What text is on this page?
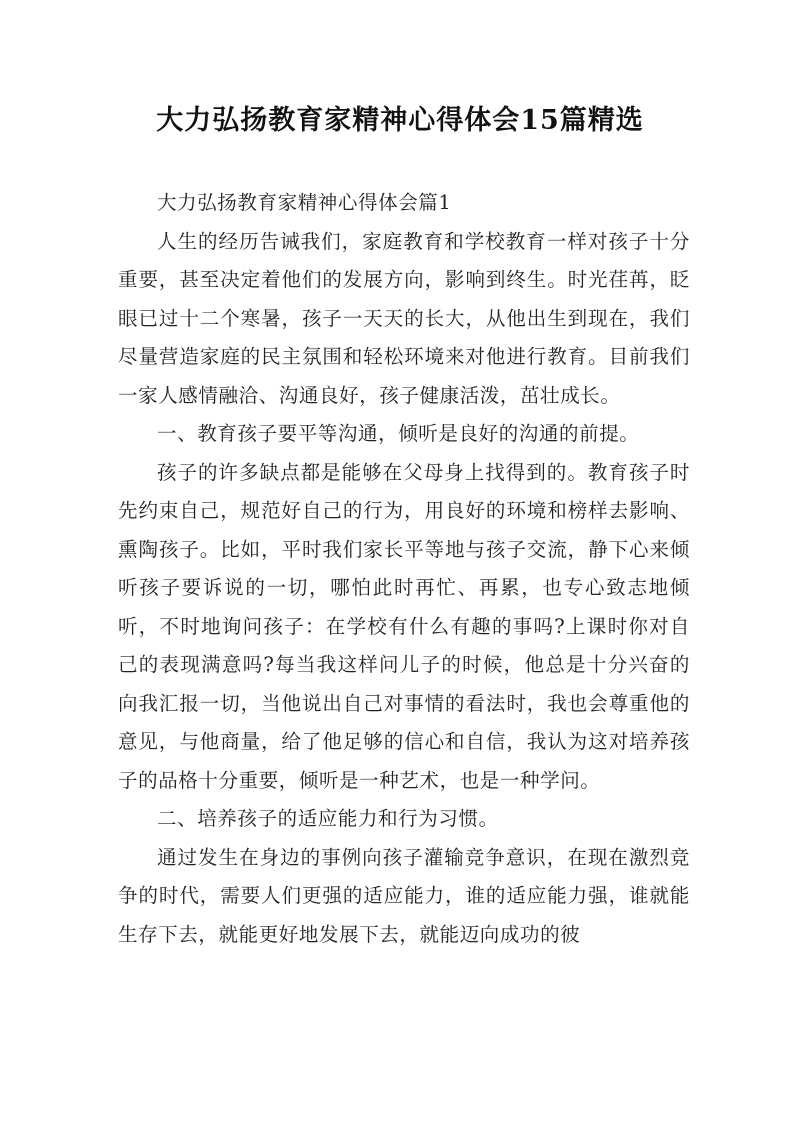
大力弘扬教育家精神心得体会15篇精选

大力弘扬教育家精神心得体会篇1

人生的经历告诫我们，家庭教育和学校教育一样对孩子十分重要，甚至决定着他们的发展方向，影响到终生。时光荏苒，眨眼已过十二个寒暑，孩子一天天的长大，从他出生到现在，我们尽量营造家庭的民主氛围和轻松环境来对他进行教育。目前我们一家人感情融洽、沟通良好，孩子健康活泼，茁壮成长。

一、教育孩子要平等沟通，倾听是良好的沟通的前提。

孩子的许多缺点都是能够在父母身上找得到的。教育孩子时先约束自己，规范好自己的行为，用良好的环境和榜样去影响、熏陶孩子。比如，平时我们家长平等地与孩子交流，静下心来倾听孩子要诉说的一切，哪怕此时再忙、再累，也专心致志地倾听，不时地询问孩子：在学校有什么有趣的事吗?上课时你对自己的表现满意吗?每当我这样问儿子的时候，他总是十分兴奋的向我汇报一切，当他说出自己对事情的看法时，我也会尊重他的意见，与他商量，给了他足够的信心和自信，我认为这对培养孩子的品格十分重要，倾听是一种艺术，也是一种学问。

二、培养孩子的适应能力和行为习惯。

通过发生在身边的事例向孩子灌输竞争意识，在现在激烈竞争的时代，需要人们更强的适应能力，谁的适应能力强，谁就能生存下去，就能更好地发展下去，就能迈向成功的彼
